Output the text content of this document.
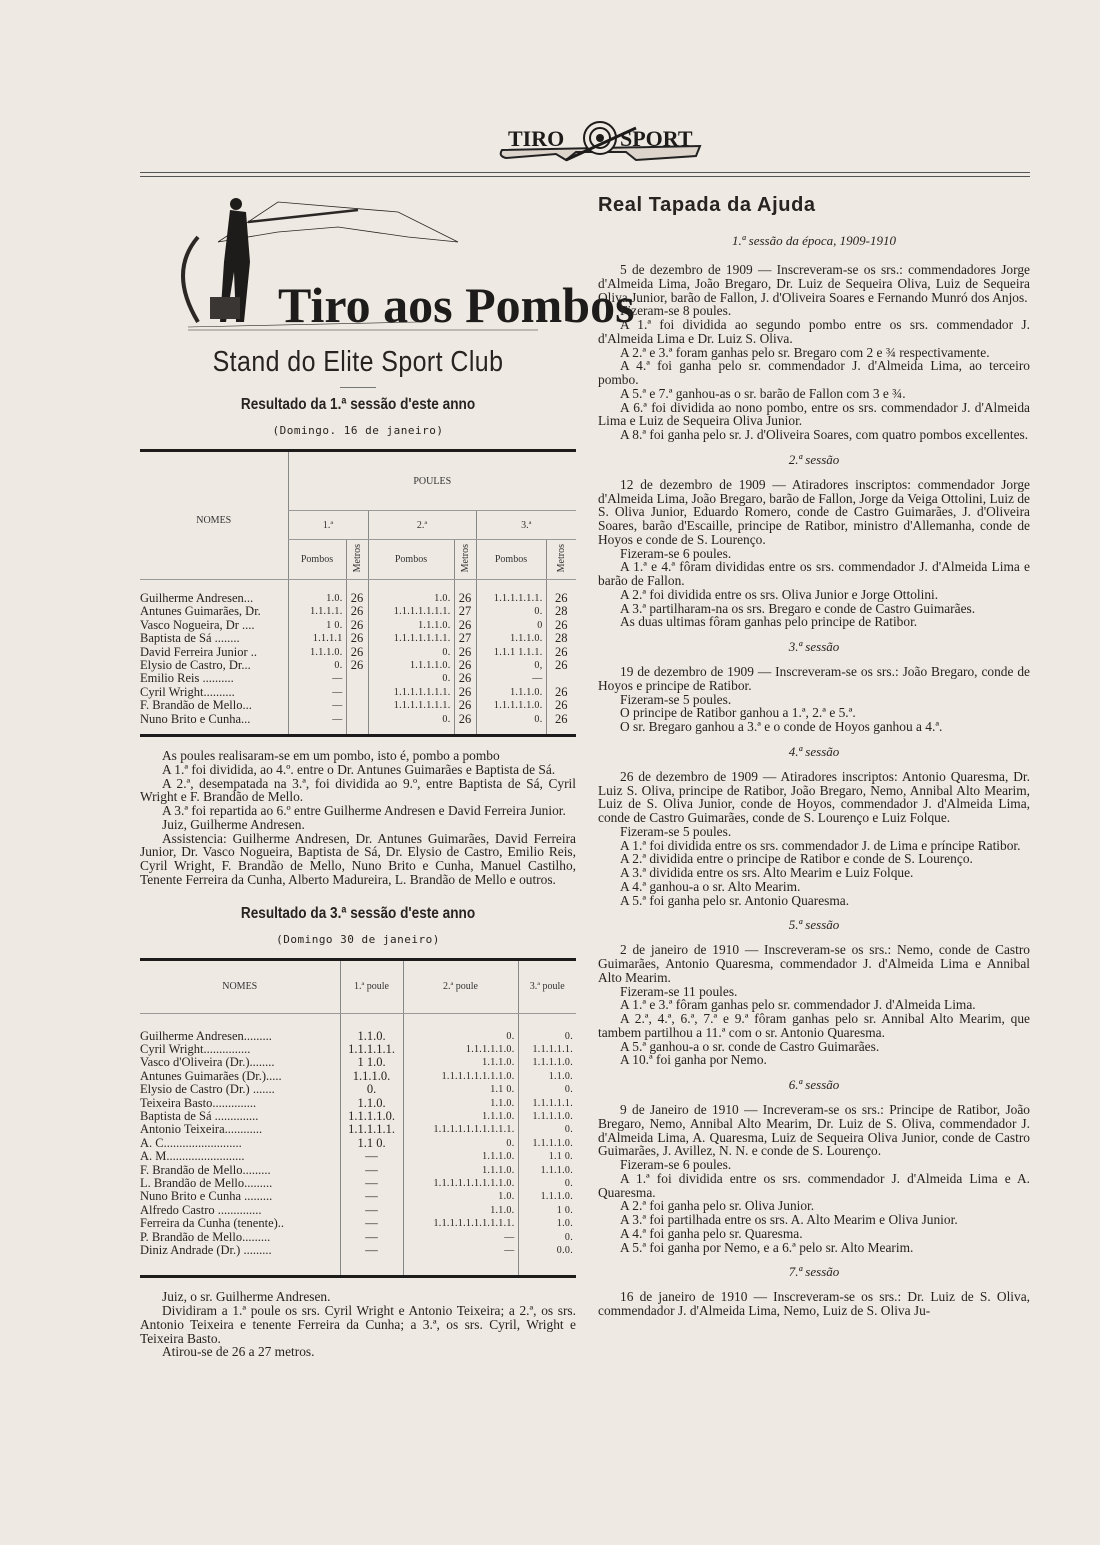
TIRO	SPORT
Tiro aos Pombos
Stand do Elite Sport Club
Resultado da 1.ª sessão d'este anno
(Domingo. 16 de janeiro)
NOMES	POULES					
	1.ª		2.ª		3.ª	
	Pombos	Metros	Pombos	Metros	Pombos	Metros
Guilherme Andresen...	1.0.	26	1.0.	26	1.1.1.1.1.1.	26
Antunes Guimarães, Dr.	1.1.1.1.	26	1.1.1.1.1.1.1.	27	0.	28
Vasco Nogueira, Dr ....	1 0.	26	1.1.1.0.	26	0	26
Baptista de Sá ........	1.1.1.1	26	1.1.1.1.1.1.1.	27	1.1.1.0.	28
David Ferreira Junior ..	1.1.1.0.	26	0.	26	1.1.1 1.1.1.	26
Elysio de Castro, Dr...	0.	26	1.1.1.1.0.	26	0,	26
Emilio Reis ..........	—		0.	26	—	
Cyril Wright..........	—		1.1.1.1.1.1.1.	26	1.1.1.0.	26
F. Brandão de Mello...	—		1.1.1.1.1.1.1.	26	1.1.1.1.1.0.	26
Nuno Brito e Cunha...	—		0.	26	0.	26

As poules realisaram-se em um pombo, isto é, pombo a pombo

A 1.ª foi dividida, ao 4.º. entre o Dr. Antunes Guimarães e Baptista de Sá.

A 2.ª, desempatada na 3.ª, foi dividida ao 9.º, entre Baptista de Sá, Cyril Wright e F. Brandão de Mello.

A 3.ª foi repartida ao 6.º entre Guilherme Andresen e David Ferreira Junior.

Juiz, Guilherme Andresen.

Assistencia: Guilherme Andresen, Dr. Antunes Guimarães, David Ferreira Junior, Dr. Vasco Nogueira, Baptista de Sá, Dr. Elysio de Castro, Emilio Reis, Cyril Wright, F. Brandão de Mello, Nuno Brito e Cunha, Manuel Castilho, Tenente Ferreira da Cunha, Alberto Madureira, L. Brandão de Mello e outros.

Resultado da 3.ª sessão d'este anno
(Domingo 30 de janeiro)
NOMES	1.ª poule	2.ª poule	3.ª poule
Guilherme Andresen.........	1.1.0.	0.	0.
Cyril Wright...............	1.1.1.1.1.	1.1.1.1.1.0.	1.1.1.1.1.
Vasco d'Oliveira (Dr.)........	1 1.0.	1.1.1.0.	1.1.1.1.0.
Antunes Guimarães (Dr.).....	1.1.1.0.	1.1.1.1.1.1.1.1.0.	1.1.0.
Elysio de Castro (Dr.) .......	0.	1.1 0.	0.
Teixeira Basto..............	1.1.0.	1.1.0.	1.1.1.1.1.
Baptista de Sá ..............	1.1.1.1.0.	1.1.1.0.	1.1.1.1.0.
Antonio Teixeira............	1.1.1.1.1.	1.1.1.1.1.1.1.1.1.1.	0.
A. C.........................	1.1 0.	0.	1.1.1.1.0.
A. M.........................	—	1.1.1.0.	1.1 0.
F. Brandão de Mello.........	—	1.1.1.0.	1.1.1.0.
L. Brandão de Mello.........	—	1.1.1.1.1.1.1.1.1.0.	0.
Nuno Brito e Cunha .........	—	1.0.	1.1.1.0.
Alfredo Castro ..............	—	1.1.0.	1 0.
Ferreira da Cunha (tenente)..	—	1.1.1.1.1.1.1.1.1.1.	1.0.
P. Brandão de Mello.........	—	—	0.
Diniz Andrade (Dr.) .........	—	—	0.0.

Juiz, o sr. Guilherme Andresen.

Dividiram a 1.ª poule os srs. Cyril Wright e Antonio Teixeira; a 2.ª, os srs. Antonio Teixeira e tenente Ferreira da Cunha; a 3.ª, os srs. Cyril, Wright e Teixeira Basto.

Atirou-se de 26 a 27 metros.

Real Tapada da Ajuda
1.ª sessão da época, 1909-1910

5 de dezembro de 1909 — Inscreveram-se os srs.: commendadores Jorge d'Almeida Lima, João Bregaro, Dr. Luiz de Sequeira Oliva, Luiz de Sequeira Oliva Junior, barão de Fallon, J. d'Oliveira Soares e Fernando Munró dos Anjos.

Fizeram-se 8 poules.

A 1.ª foi dividida ao segundo pombo entre os srs. commendador J. d'Almeida Lima e Dr. Luiz S. Oliva.

A 2.ª e 3.ª foram ganhas pelo sr. Bregaro com 2 e ¾ respectivamente.

A 4.ª foi ganha pelo sr. commendador J. d'Almeida Lima, ao terceiro pombo.

A 5.ª e 7.ª ganhou-as o sr. barão de Fallon com 3 e ¾.

A 6.ª foi dividida ao nono pombo, entre os srs. commendador J. d'Almeida Lima e Luiz de Sequeira Oliva Junior.

A 8.ª foi ganha pelo sr. J. d'Oliveira Soares, com quatro pombos excellentes.

2.ª sessão

12 de dezembro de 1909 — Atiradores inscriptos: commendador Jorge d'Almeida Lima, João Bregaro, barão de Fallon, Jorge da Veiga Ottolini, Luiz de S. Oliva Junior, Eduardo Romero, conde de Castro Guimarães, J. d'Oliveira Soares, barão d'Escaille, principe de Ratibor, ministro d'Allemanha, conde de Hoyos e conde de S. Lourenço.

Fizeram-se 6 poules.

A 1.ª e 4.ª fôram divididas entre os srs. commendador J. d'Almeida Lima e barão de Fallon.

A 2.ª foi dividida entre os srs. Oliva Junior e Jorge Ottolini.

A 3.ª partilharam-na os srs. Bregaro e conde de Castro Guimarães.

As duas ultimas fôram ganhas pelo principe de Ratibor.

3.ª sessão

19 de dezembro de 1909 — Inscreveram-se os srs.: João Bregaro, conde de Hoyos e principe de Ratibor.

Fizeram-se 5 poules.

O principe de Ratibor ganhou a 1.ª, 2.ª e 5.ª.

O sr. Bregaro ganhou a 3.ª e o conde de Hoyos ganhou a 4.ª.

4.ª sessão

26 de dezembro de 1909 — Atiradores inscriptos: Antonio Quaresma, Dr. Luiz S. Oliva, principe de Ratibor, João Bregaro, Nemo, Annibal Alto Mearim, Luiz de S. Oliva Junior, conde de Hoyos, commendador J. d'Almeida Lima, conde de Castro Guimarães, conde de S. Lourenço e Luiz Folque.

Fizeram-se 5 poules.

A 1.ª foi dividida entre os srs. commendador J. de Lima e príncipe Ratibor.

A 2.ª dividida entre o principe de Ratibor e conde de S. Lourenço.

A 3.ª dividida entre os srs. Alto Mearim e Luiz Folque.

A 4.ª ganhou-a o sr. Alto Mearim.

A 5.ª foi ganha pelo sr. Antonio Quaresma.

5.ª sessão

2 de janeiro de 1910 — Inscreveram-se os srs.: Nemo, conde de Castro Guimarães, Antonio Quaresma, commendador J. d'Almeida Lima e Annibal Alto Mearim.

Fizeram-se 11 poules.

A 1.ª e 3.ª fôram ganhas pelo sr. commendador J. d'Almeida Lima.

A 2.ª, 4.ª, 6.ª, 7.ª e 9.ª fôram ganhas pelo sr. Annibal Alto Mearim, que tambem partilhou a 11.ª com o sr. Antonio Quaresma.

A 5.ª ganhou-a o sr. conde de Castro Guimarães.

A 10.ª foi ganha por Nemo.

6.ª sessão

9 de Janeiro de 1910 — Increveram-se os srs.: Principe de Ratibor, João Bregaro, Nemo, Annibal Alto Mearim, Dr. Luiz de S. Oliva, commendador J. d'Almeida Lima, A. Quaresma, Luiz de Sequeira Oliva Junior, conde de Castro Guimarães, J. Avillez, N. N. e conde de S. Lourenço.

Fizeram-se 6 poules.

A 1.ª foi dividida entre os srs. commendador J. d'Almeida Lima e A. Quaresma.

A 2.ª foi ganha pelo sr. Oliva Junior.

A 3.ª foi partilhada entre os srs. A. Alto Mearim e Oliva Junior.

A 4.ª foi ganha pelo sr. Quaresma.

A 5.ª foi ganha por Nemo, e a 6.ª pelo sr. Alto Mearim.

7.ª sessão

16 de janeiro de 1910 — Inscreveram-se os srs.: Dr. Luiz de S. Oliva, commendador J. d'Almeida Lima, Nemo, Luiz de S. Oliva Ju-
